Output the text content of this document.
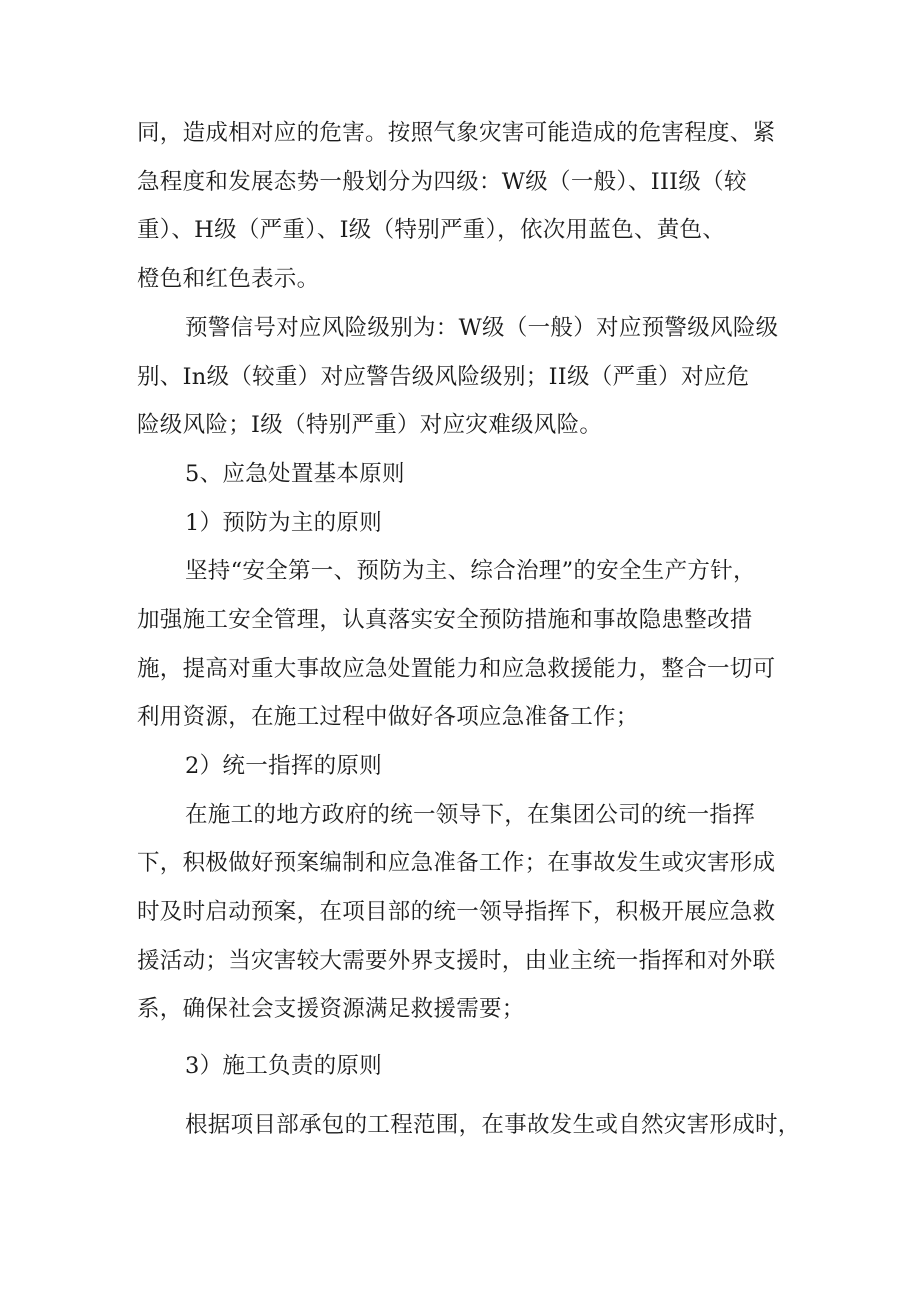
同，造成相对应的危害。按照气象灾害可能造成的危害程度、紧
急程度和发展态势一般划分为四级：W级（一般）、III级（较
重）、H级（严重）、I级（特别严重），依次用蓝色、黄色、
橙色和红色表示。
预警信号对应风险级别为：W级（一般）对应预警级风险级
别、In级（较重）对应警告级风险级别；II级（严重）对应危
险级风险；I级（特别严重）对应灾难级风险。
5、应急处置基本原则
1）预防为主的原则
坚持“安全第一、预防为主、综合治理”的安全生产方针，
加强施工安全管理，认真落实安全预防措施和事故隐患整改措
施，提高对重大事故应急处置能力和应急救援能力，整合一切可
利用资源，在施工过程中做好各项应急准备工作；
2）统一指挥的原则
在施工的地方政府的统一领导下，在集团公司的统一指挥
下，积极做好预案编制和应急准备工作；在事故发生或灾害形成
时及时启动预案，在项目部的统一领导指挥下，积极开展应急救
援活动；当灾害较大需要外界支援时，由业主统一指挥和对外联
系，确保社会支援资源满足救援需要；
3）施工负责的原则
根据项目部承包的工程范围，在事故发生或自然灾害形成时，
